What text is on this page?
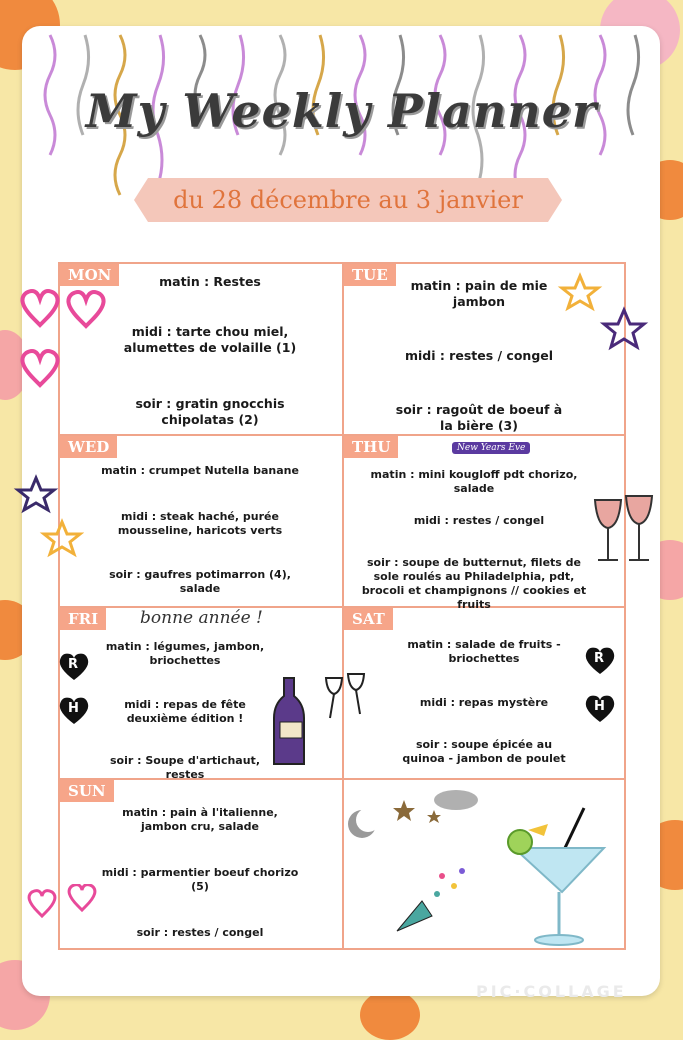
My Weekly Planner
du 28 décembre au 3 janvier
MON	matin : Restes
midi : tarte chou miel, alumettes de volaille (1)
soir : gratin gnocchis chipolatas (2)
TUE
matin : pain de mie jambon
midi : restes / congel
soir : ragoût de boeuf à la bière (3)
WED
matin : crumpet Nutella banane
midi : steak haché, purée mousseline, haricots verts
soir : gaufres potimarron (4), salade
THU	New Years Eve
matin : mini kougloff pdt chorizo, salade
midi : restes / congel
soir : soupe de butternut, filets de sole roulés au Philadelphia, pdt, brocoli et champignons // cookies et fruits
FRI	bonne année !
matin : légumes, jambon, briochettes
midi : repas de fête deuxième édition !
soir : Soupe d'artichaut, restes
SAT
matin : salade de fruits - briochettes
midi : repas mystère
soir : soupe épicée au quinoa - jambon de poulet
SUN
matin : pain à l'italienne, jambon cru, salade
midi : parmentier boeuf chorizo (5)
soir : restes / congel
R
H
R
H
PIC·COLLAGE
